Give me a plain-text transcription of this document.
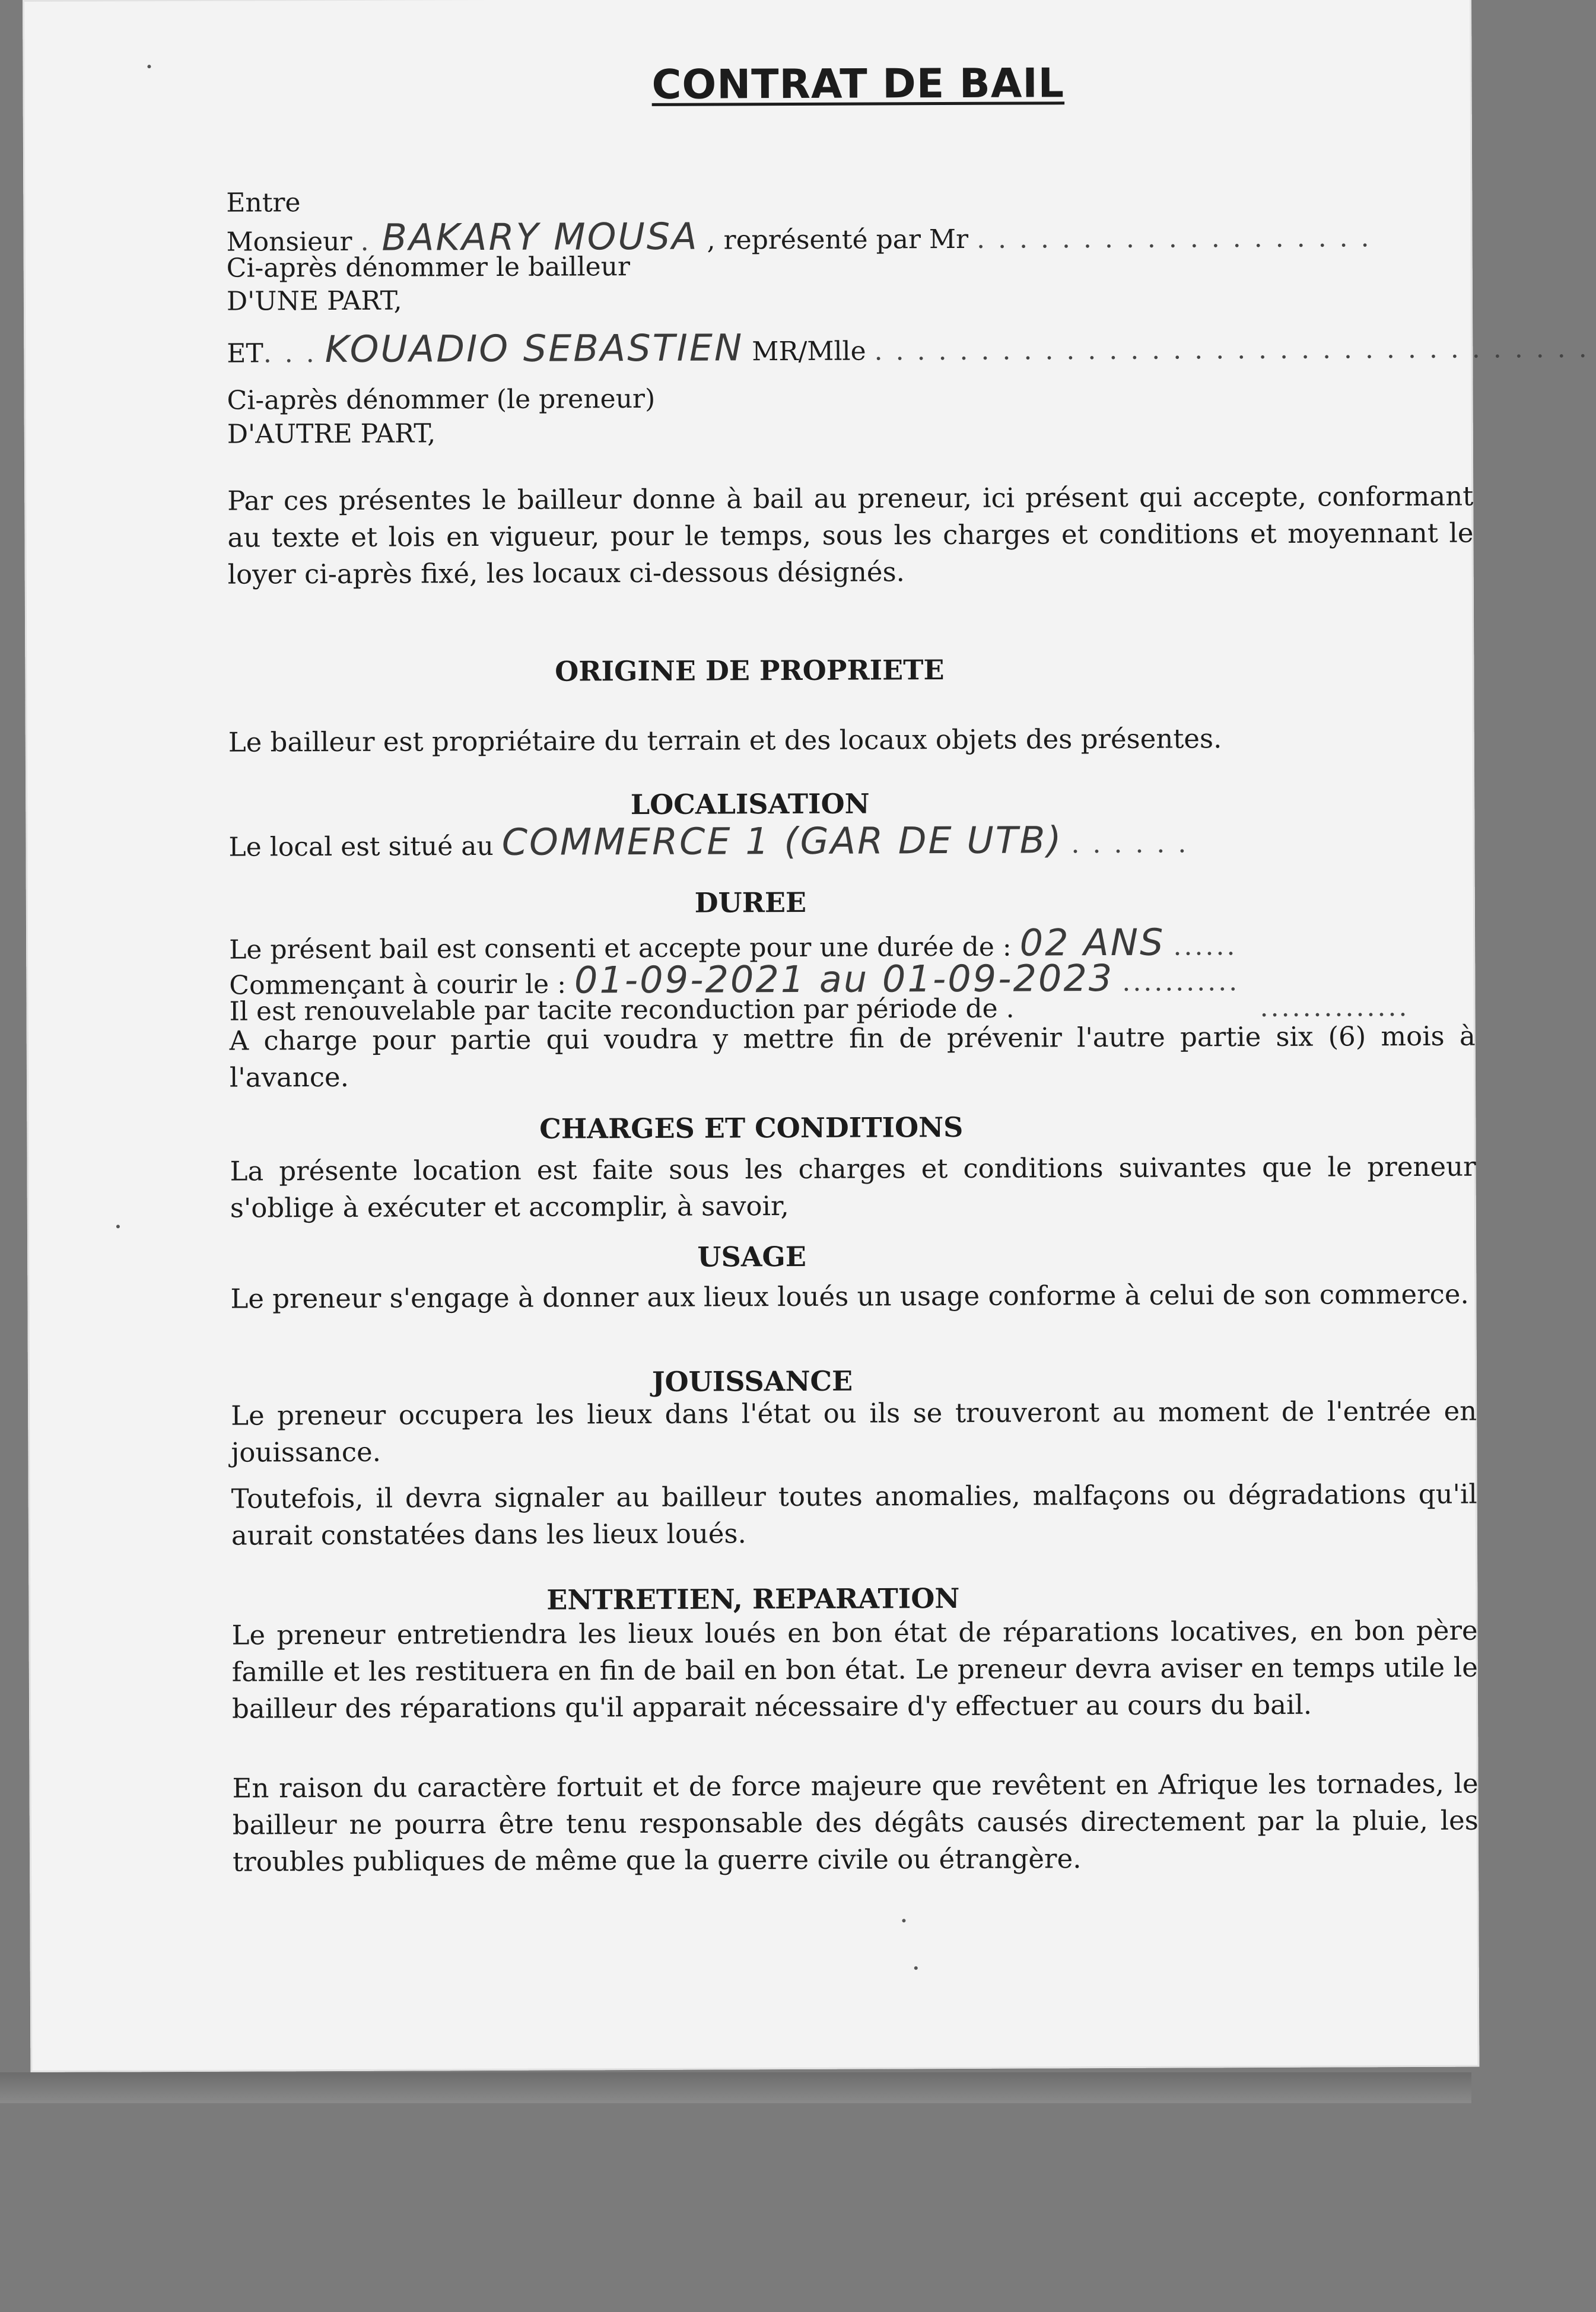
CONTRAT DE BAIL
Entre
Monsieur . BAKARY MOUSA , représenté par Mr . . . . . . . . . . . . . . . . . . .
Ci-après dénommer le bailleur
D'UNE PART,
ET. . . KOUADIO SEBASTIEN MR/Mlle . . . . . . . . . . . . . . . . . . . . . . . . . . . . . . . . . .
Ci-après dénommer (le preneur)
D'AUTRE PART,
Par ces présentes le bailleur donne à bail au preneur, ici présent qui accepte, conformant au texte et lois en vigueur, pour le temps, sous les charges et conditions et moyennant le loyer ci-après fixé, les locaux ci-dessous désignés.
ORIGINE DE PROPRIETE
Le bailleur est propriétaire du terrain et des locaux objets des présentes.
LOCALISATION
Le local est situé au COMMERCE 1 (GAR DE UTB) . . . . . .
DUREE
Le présent bail est consenti et accepte pour une durée de : 02 ANS ......
Commençant à courir le : 01-09-2021 au 01-09-2023 ...........
Il est renouvelable par tacite reconduction par période de .	..............
A charge pour partie qui voudra y mettre fin de prévenir l'autre partie six (6) mois à l'avance.
CHARGES ET CONDITIONS
La présente location est faite sous les charges et conditions suivantes que le preneur s'oblige à exécuter et accomplir, à savoir,
USAGE
Le preneur s'engage à donner aux lieux loués un usage conforme à celui de son commerce.
JOUISSANCE
Le preneur occupera les lieux dans l'état ou ils se trouveront au moment de l'entrée en jouissance.
Toutefois, il devra signaler au bailleur toutes anomalies, malfaçons ou dégradations qu'il aurait constatées dans les lieux loués.
ENTRETIEN, REPARATION
Le preneur entretiendra les lieux loués en bon état de réparations locatives, en bon père famille et les restituera en fin de bail en bon état. Le preneur devra aviser en temps utile le bailleur des réparations qu'il apparait nécessaire d'y effectuer au cours du bail.
En raison du caractère fortuit et de force majeure que revêtent en Afrique les tornades, le bailleur ne pourra être tenu responsable des dégâts causés directement par la pluie, les troubles publiques de même que la guerre civile ou étrangère.
